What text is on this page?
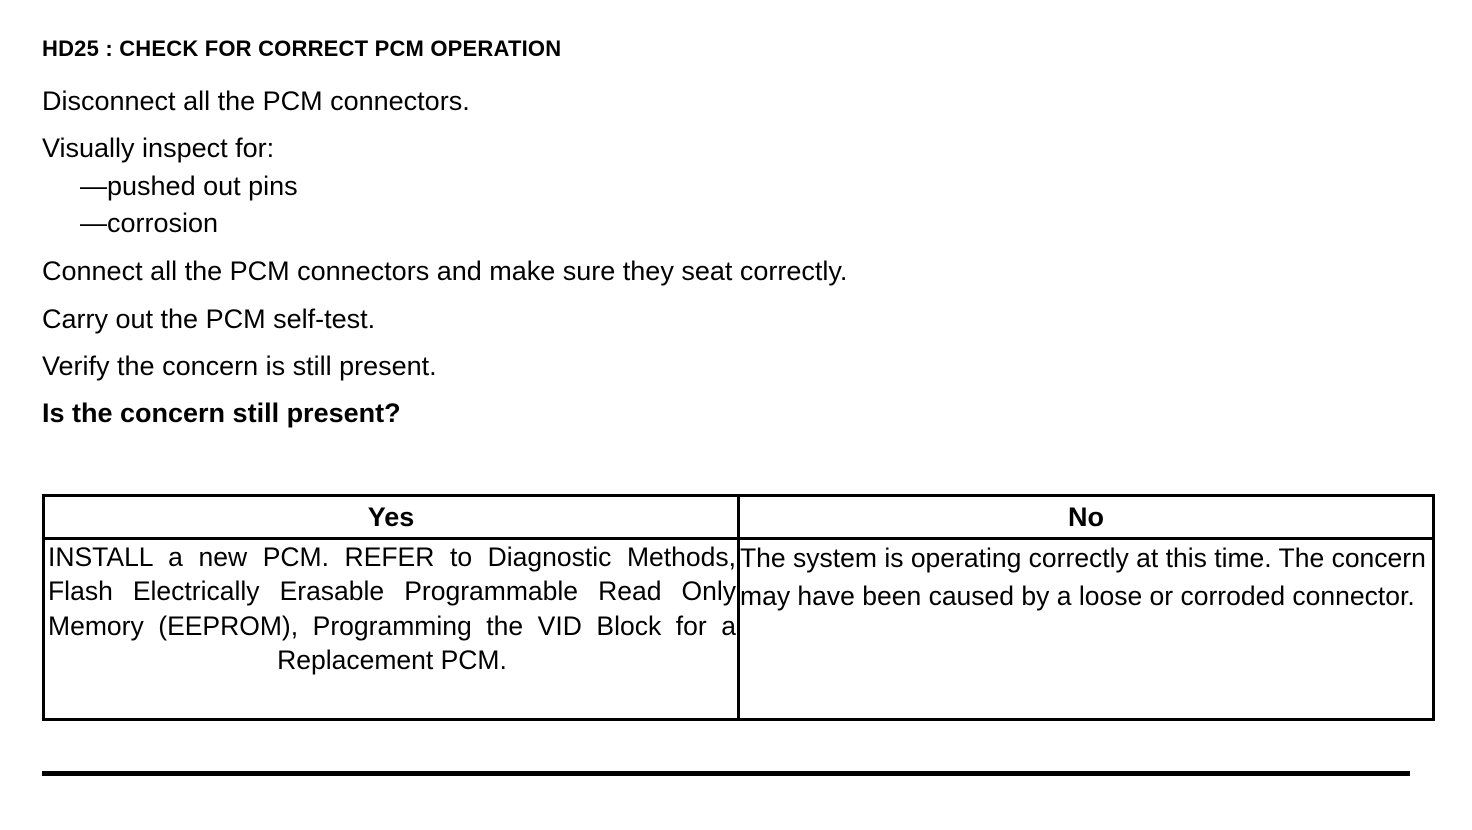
HD25 : CHECK FOR CORRECT PCM OPERATION

Disconnect all the PCM connectors.

Visually inspect for:

—pushed out pins

—corrosion

Connect all the PCM connectors and make sure they seat correctly.

Carry out the PCM self-test.

Verify the concern is still present.

Is the concern still present?

Yes	No

INSTALL a new PCM. REFER to Diagnostic Methods, Flash Electrically Erasable Programmable Read Only Memory (EEPROM), Programming the VID Block for a Replacement PCM.	The system is operating correctly at this time. The concern may have been caused by a loose or corroded connector.
